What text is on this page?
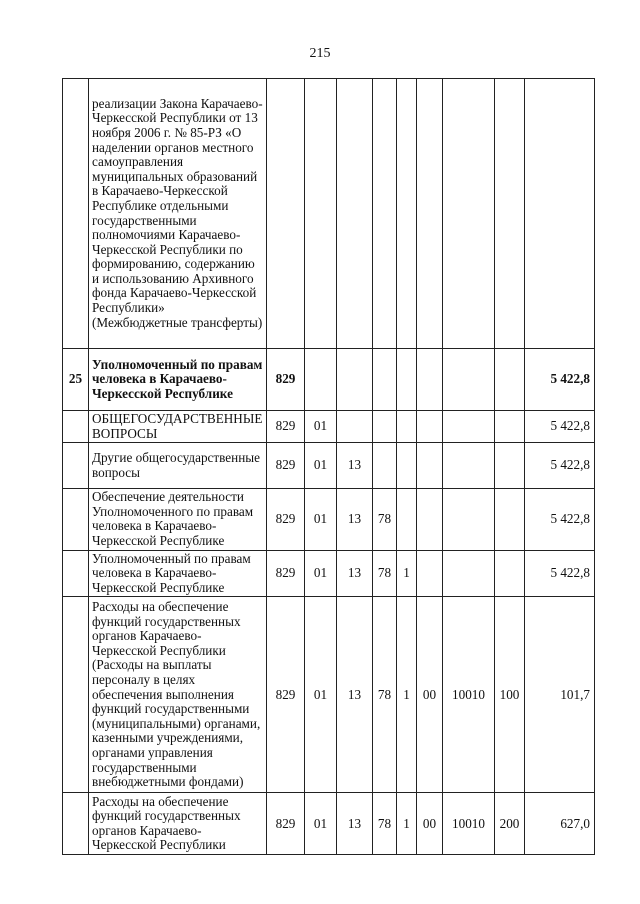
215
	реализации Закона Карачаево-Черкесской Республики от 13 ноября 2006 г. № 85-РЗ «О наделении органов местного самоуправления муниципальных образований в Карачаево-Черкесской Республике отдельными государственными полномочиями Карачаево-Черкесской Республики по формированию, содержанию и использованию Архивного фонда Карачаево-Черкесской Республики» (Межбюджетные трансферты)									
25	Уполномоченный по правам человека в Карачаево-Черкесской Республике	829								5 422,8
	ОБЩЕГОСУДАРСТВЕННЫЕ ВОПРОСЫ	829	01							5 422,8
	Другие общегосударственные вопросы	829	01	13						5 422,8
	Обеспечение деятельности Уполномоченного по правам человека в Карачаево-Черкесской Республике	829	01	13	78					5 422,8
	Уполномоченный по правам человека в Карачаево-Черкесской Республике	829	01	13	78	1				5 422,8
	Расходы на обеспечение функций государственных органов Карачаево-Черкесской Республики (Расходы на выплаты персоналу в целях обеспечения выполнения функций государственными (муниципальными) органами, казенными учреждениями, органами управления государственными внебюджетными фондами)	829	01	13	78	1	00	10010	100	101,7
	Расходы на обеспечение функций государственных органов Карачаево-Черкесской Республики	829	01	13	78	1	00	10010	200	627,0
